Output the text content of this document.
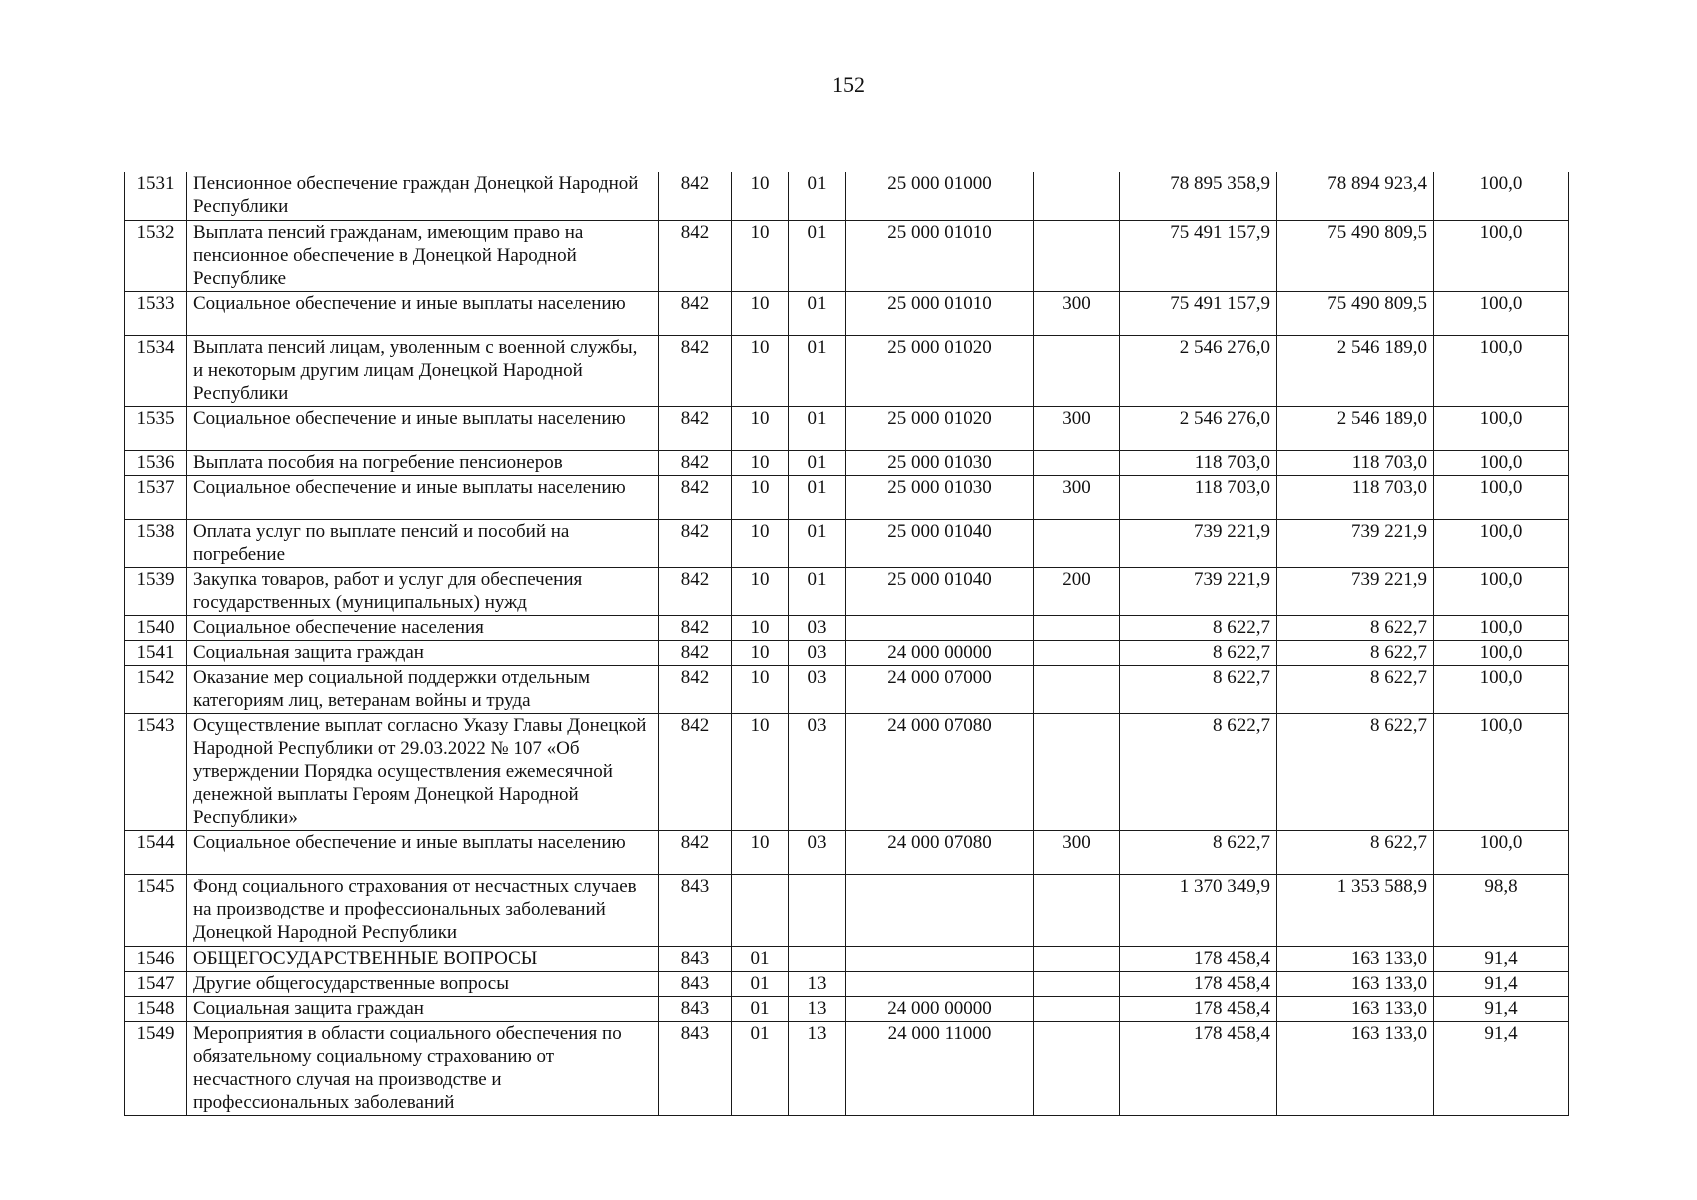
152
1531	Пенсионное обеспечение граждан Донецкой Народной Республики	842	10	01	25 000 01000		78 895 358,9	78 894 923,4	100,0
1532	Выплата пенсий гражданам, имеющим право на пенсионное обеспечение в Донецкой Народной Республике	842	10	01	25 000 01010		75 491 157,9	75 490 809,5	100,0
1533	Социальное обеспечение и иные выплаты населению	842	10	01	25 000 01010	300	75 491 157,9	75 490 809,5	100,0
1534	Выплата пенсий лицам, уволенным с военной службы, и некоторым другим лицам Донецкой Народной Республики	842	10	01	25 000 01020		2 546 276,0	2 546 189,0	100,0
1535	Социальное обеспечение и иные выплаты населению	842	10	01	25 000 01020	300	2 546 276,0	2 546 189,0	100,0
1536	Выплата пособия на погребение пенсионеров	842	10	01	25 000 01030		118 703,0	118 703,0	100,0
1537	Социальное обеспечение и иные выплаты населению	842	10	01	25 000 01030	300	118 703,0	118 703,0	100,0
1538	Оплата услуг по выплате пенсий и пособий на погребение	842	10	01	25 000 01040		739 221,9	739 221,9	100,0
1539	Закупка товаров, работ и услуг для обеспечения государственных (муниципальных) нужд	842	10	01	25 000 01040	200	739 221,9	739 221,9	100,0
1540	Социальное обеспечение населения	842	10	03			8 622,7	8 622,7	100,0
1541	Социальная защита граждан	842	10	03	24 000 00000		8 622,7	8 622,7	100,0
1542	Оказание мер социальной поддержки отдельным категориям лиц, ветеранам войны и труда	842	10	03	24 000 07000		8 622,7	8 622,7	100,0
1543	Осуществление выплат согласно Указу Главы Донецкой Народной Республики от 29.03.2022 № 107 «Об утверждении Порядка осуществления ежемесячной денежной выплаты Героям Донецкой Народной Республики»	842	10	03	24 000 07080		8 622,7	8 622,7	100,0
1544	Социальное обеспечение и иные выплаты населению	842	10	03	24 000 07080	300	8 622,7	8 622,7	100,0
1545	Фонд социального страхования от несчастных случаев на производстве и профессиональных заболеваний Донецкой Народной Республики	843					1 370 349,9	1 353 588,9	98,8
1546	ОБЩЕГОСУДАРСТВЕННЫЕ ВОПРОСЫ	843	01				178 458,4	163 133,0	91,4
1547	Другие общегосударственные вопросы	843	01	13			178 458,4	163 133,0	91,4
1548	Социальная защита граждан	843	01	13	24 000 00000		178 458,4	163 133,0	91,4
1549	Мероприятия в области социального обеспечения по обязательному социальному страхованию от несчастного случая на производстве и профессиональных заболеваний	843	01	13	24 000 11000		178 458,4	163 133,0	91,4
